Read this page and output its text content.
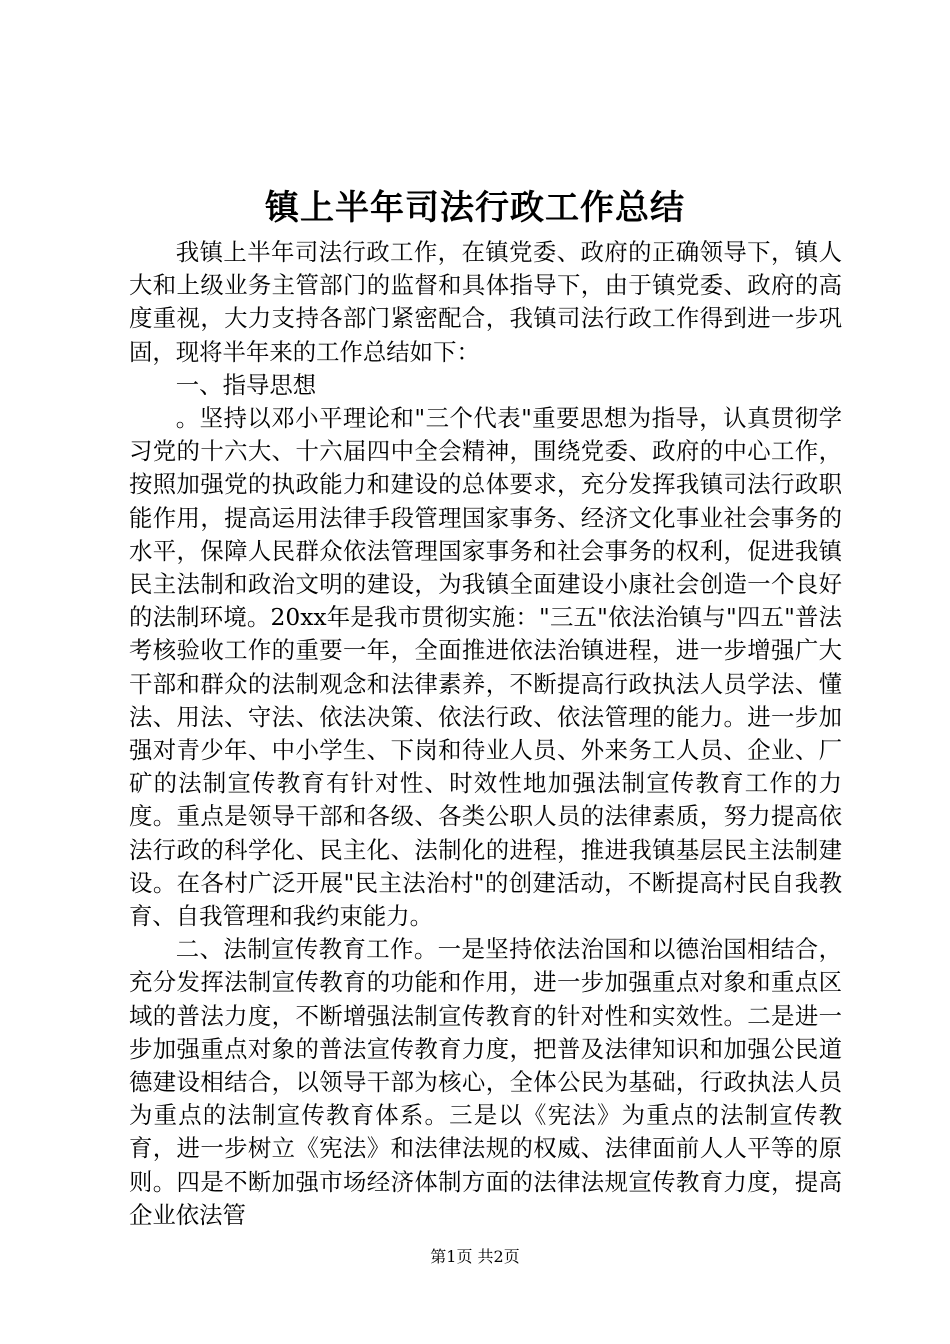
镇上半年司法行政工作总结

我镇上半年司法行政工作，在镇党委、政府的正确领导下，镇人大和上级业务主管部门的监督和具体指导下，由于镇党委、政府的高度重视，大力支持各部门紧密配合，我镇司法行政工作得到进一步巩固，现将半年来的工作总结如下：

一、指导思想

。坚持以邓小平理论和"三个代表"重要思想为指导，认真贯彻学习党的十六大、十六届四中全会精神，围绕党委、政府的中心工作，按照加强党的执政能力和建设的总体要求，充分发挥我镇司法行政职能作用，提高运用法律手段管理国家事务、经济文化事业社会事务的水平，保障人民群众依法管理国家事务和社会事务的权利，促进我镇民主法制和政治文明的建设，为我镇全面建设小康社会创造一个良好的法制环境。20xx年是我市贯彻实施："三五"依法治镇与"四五"普法考核验收工作的重要一年，全面推进依法治镇进程，进一步增强广大干部和群众的法制观念和法律素养，不断提高行政执法人员学法、懂法、用法、守法、依法决策、依法行政、依法管理的能力。进一步加强对青少年、中小学生、下岗和待业人员、外来务工人员、企业、厂矿的法制宣传教育有针对性、时效性地加强法制宣传教育工作的力度。重点是领导干部和各级、各类公职人员的法律素质，努力提高依法行政的科学化、民主化、法制化的进程，推进我镇基层民主法制建设。在各村广泛开展"民主法治村"的创建活动，不断提高村民自我教育、自我管理和我约束能力。

二、法制宣传教育工作。一是坚持依法治国和以德治国相结合，充分发挥法制宣传教育的功能和作用，进一步加强重点对象和重点区域的普法力度，不断增强法制宣传教育的针对性和实效性。二是进一步加强重点对象的普法宣传教育力度，把普及法律知识和加强公民道德建设相结合，以领导干部为核心，全体公民为基础，行政执法人员为重点的法制宣传教育体系。三是以《宪法》为重点的法制宣传教育，进一步树立《宪法》和法律法规的权威、法律面前人人平等的原则。四是不断加强市场经济体制方面的法律法规宣传教育力度，提高企业依法管

第1页 共2页
